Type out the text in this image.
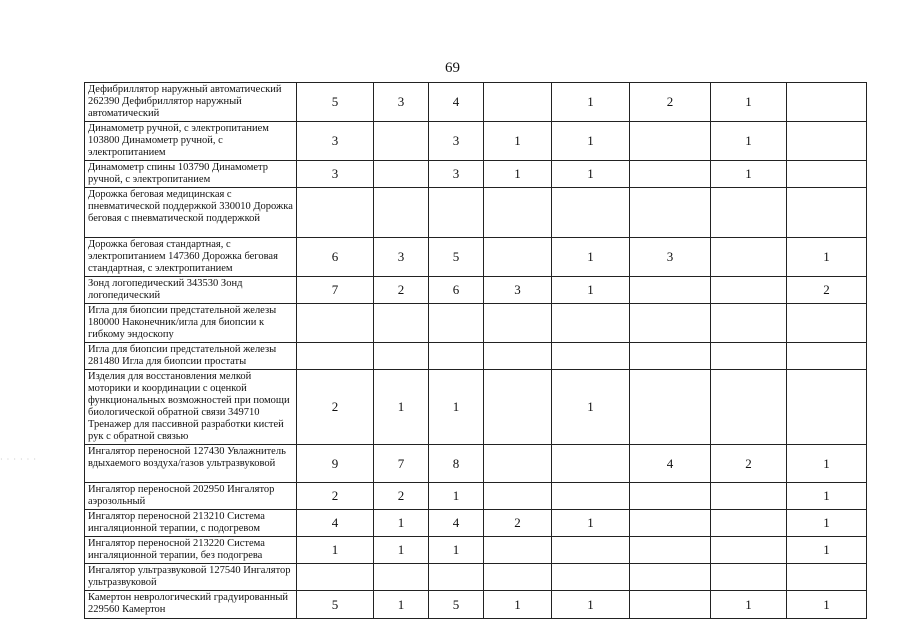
69
Дефибриллятор наружный автоматический 262390 Дефибриллятор наружный автоматический	5	3	4		1	2	1	
Динамометр ручной, с электропитанием 103800 Динамометр ручной, с электропитанием	3		3	1	1		1	
Динамометр спины 103790 Динамометр ручной, с электропитанием	3		3	1	1		1	
Дорожка беговая медицинская с пневматической поддержкой 330010 Дорожка беговая с пневматической поддержкой								
Дорожка беговая стандартная, с электропитанием 147360 Дорожка беговая стандартная, с электропитанием	6	3	5		1	3		1
Зонд логопедический 343530 Зонд логопедический	7	2	6	3	1			2
Игла для биопсии предстательной железы 180000 Наконечник/игла для биопсии к гибкому эндоскопу								
Игла для биопсии предстательной железы 281480 Игла для биопсии простаты								
Изделия для восстановления мелкой моторики и координации с оценкой функциональных возможностей при помощи биологической обратной связи 349710 Тренажер для пассивной разработки кистей рук с обратной связью	2	1	1		1			
Ингалятор переносной 127430 Увлажнитель вдыхаемого воздуха/газов ультразвуковой	9	7	8			4	2	1
Ингалятор переносной 202950 Ингалятор аэрозольный	2	2	1					1
Ингалятор переносной 213210 Система ингаляционной терапии, с подогревом	4	1	4	2	1			1
Ингалятор переносной 213220 Система ингаляционной терапии, без подогрева	1	1	1					1
Ингалятор ультразвуковой 127540 Ингалятор ультразвуковой								
Камертон неврологический градуированный 229560 Камертон	5	1	5	1	1		1	1
· · · · · ·
